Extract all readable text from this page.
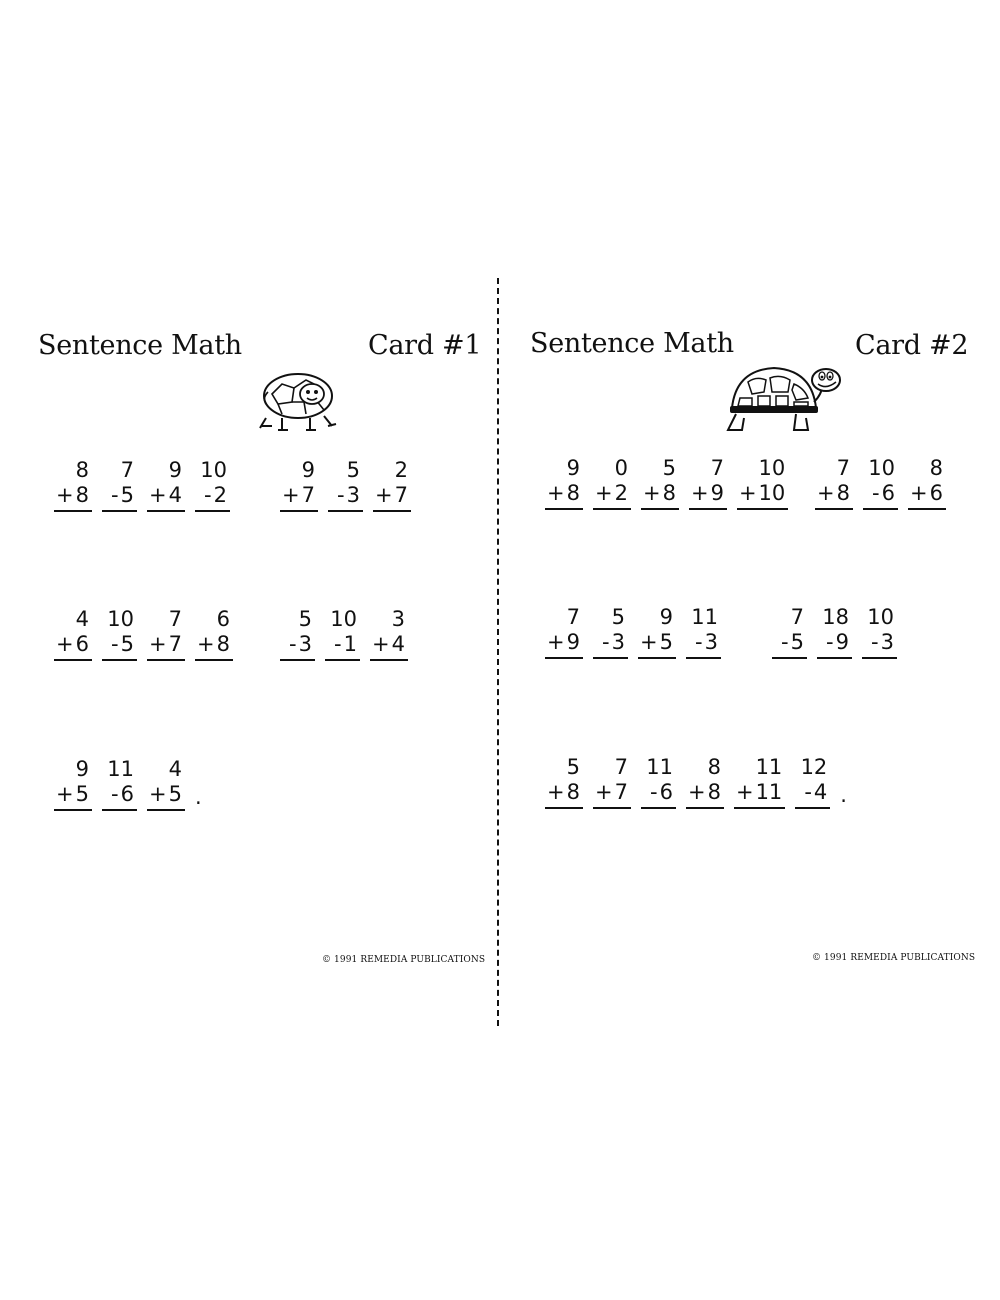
Sentence Math	Card #1
8
+ 8
7
- 5
9
+ 4
10
- 2
9
+ 7
5
- 3
2
+ 7
4
+ 6
10
- 5
7
+ 7
6
+ 8
5
- 3
10
- 1
3
+ 4
9
+ 5
11
- 6
4
+ 5 .
© 1991 REMEDIA PUBLICATIONS
Sentence Math	Card #2
9
+ 8
0
+ 2
5
+ 8
7
+ 9
10
+ 10
7
+ 8
10
- 6
8
+ 6
7
+ 9
5
- 3
9
+ 5
11
- 3
7
- 5
18
- 9
10
- 3
5
+ 8
7
+ 7
11
- 6
8
+ 8
11
+ 11
12
- 4 .
© 1991 REMEDIA PUBLICATIONS
